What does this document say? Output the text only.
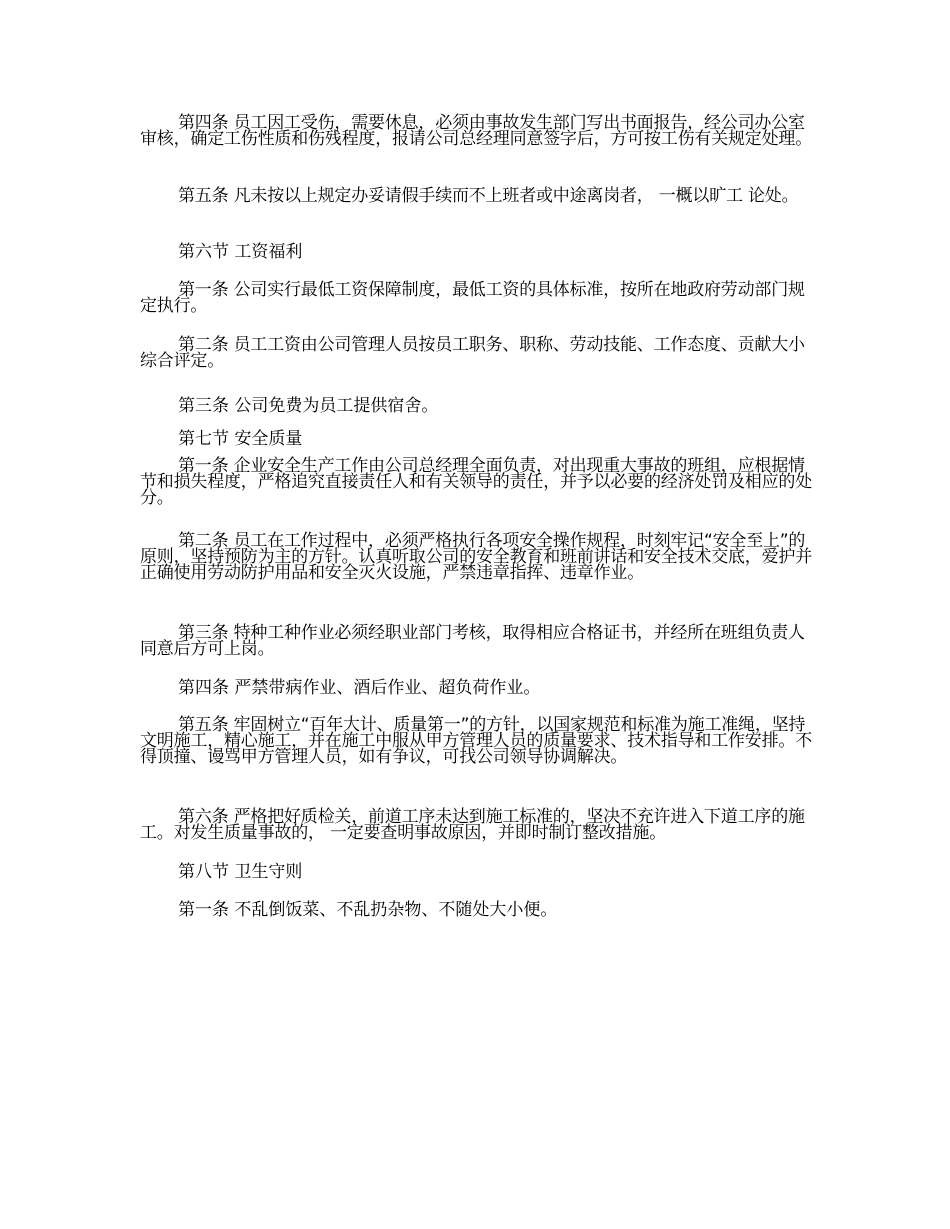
第四条 员工因工受伤，需要休息，必须由事故发生部门写出书面报告，经公司办公室审核，确定工伤性质和伤残程度，报请公司总经理同意签字后，方可按工伤有关规定处理。

第五条 凡未按以上规定办妥请假手续而不上班者或中途离岗者， 一概以旷工 论处。

第六节 工资福利

第一条 公司实行最低工资保障制度，最低工资的具体标准，按所在地政府劳动部门规定执行。

第二条 员工工资由公司管理人员按员工职务、职称、劳动技能、工作态度、贡献大小综合评定。

第三条 公司免费为员工提供宿舍。

第七节 安全质量

第一条 企业安全生产工作由公司总经理全面负责，对出现重大事故的班组，应根据情节和损失程度，严格追究直接责任人和有关领导的责任，并予以必要的经济处罚及相应的处分。

第二条 员工在工作过程中，必须严格执行各项安全操作规程，时刻牢记“安全至上”的原则，坚持预防为主的方针。认真听取公司的安全教育和班前讲话和安全技术交底，爱护并正确使用劳动防护用品和安全灭火设施，严禁违章指挥、违章作业。

第三条 特种工种作业必须经职业部门考核，取得相应合格证书，并经所在班组负责人同意后方可上岗。

第四条 严禁带病作业、酒后作业、超负荷作业。

第五条 牢固树立“百年大计、质量第一”的方针，以国家规范和标准为施工准绳，坚持文明施工，精心施工，并在施工中服从甲方管理人员的质量要求、技术指导和工作安排。不得顶撞、谩骂甲方管理人员，如有争议，可找公司领导协调解决。

第六条 严格把好质检关，前道工序未达到施工标准的，坚决不充许进入下道工序的施工。对发生质量事故的， 一定要查明事故原因，并即时制订整改措施。

第八节 卫生守则

第一条 不乱倒饭菜、不乱扔杂物、不随处大小便。
